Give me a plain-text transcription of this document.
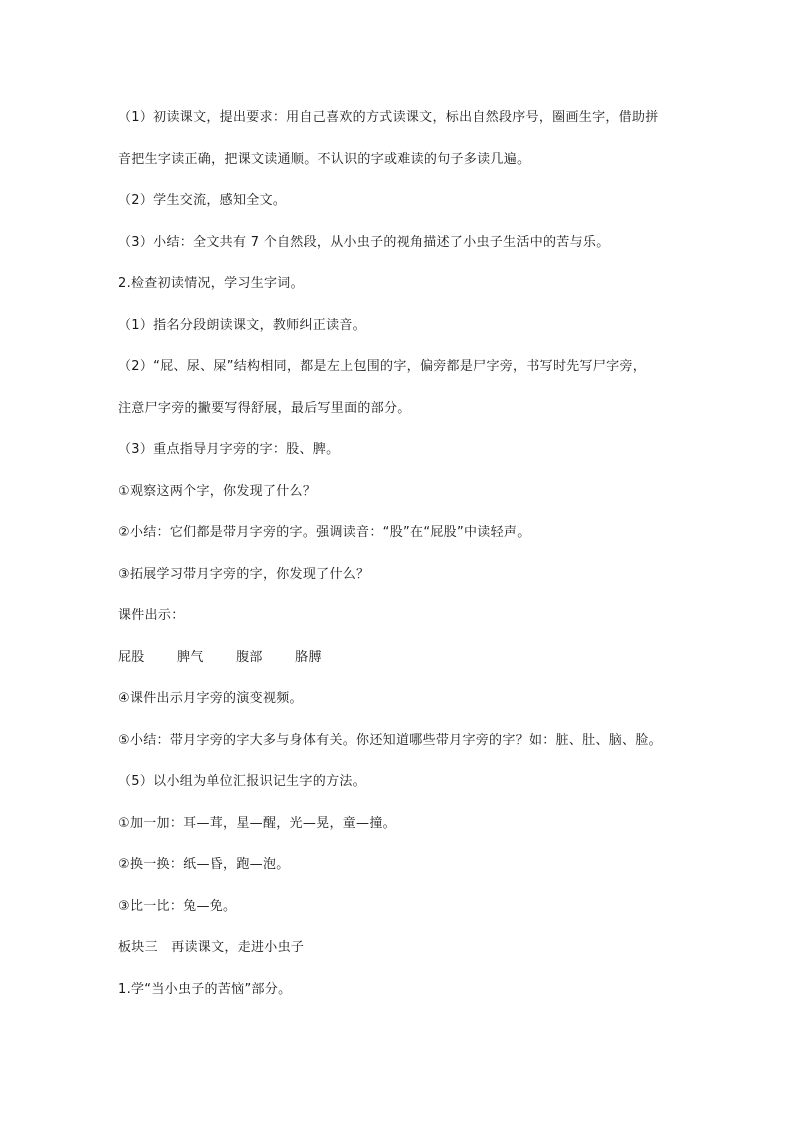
（1）初读课文，提出要求：用自己喜欢的方式读课文，标出自然段序号，圈画生字，借助拼
音把生字读正确，把课文读通顺。不认识的字或难读的句子多读几遍。
（2）学生交流，感知全文。
（3）小结：全文共有 7 个自然段，从小虫子的视角描述了小虫子生活中的苦与乐。
2.检查初读情况，学习生字词。
（1）指名分段朗读课文，教师纠正读音。
（2）“屁、尿、屎”结构相同，都是左上包围的字，偏旁都是尸字旁，书写时先写尸字旁，
注意尸字旁的撇要写得舒展，最后写里面的部分。
（3）重点指导月字旁的字：股、脾。
①观察这两个字，你发现了什么？
②小结：它们都是带月字旁的字。强调读音：“股”在“屁股”中读轻声。
③拓展学习带月字旁的字，你发现了什么？
课件出示：
屁股 脾气 腹部 胳膊
④课件出示月字旁的演变视频。
⑤小结：带月字旁的字大多与身体有关。你还知道哪些带月字旁的字？如：脏、肚、脑、脸。
（5）以小组为单位汇报识记生字的方法。
①加一加：耳—茸，星—醒，光—晃，童—撞。
②换一换：纸—昏，跑—泡。
③比一比：兔—免。
板块三　再读课文，走进小虫子
1.学“当小虫子的苦恼”部分。
